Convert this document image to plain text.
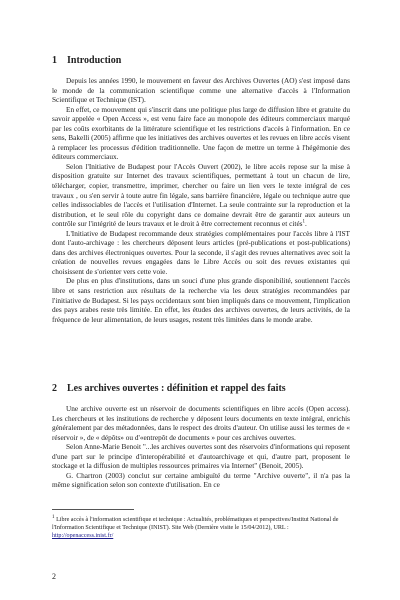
1 Introduction

Depuis les années 1990, le mouvement en faveur des Archives Ouvertes (AO) s'est imposé dans le monde de la communication scientifique comme une alternative d'accès à l'Information Scientifique et Technique (IST).

En effet, ce mouvement qui s'inscrit dans une politique plus large de diffusion libre et gratuite du savoir appelée « Open Access », est venu faire face au monopole des éditeurs commerciaux marqué par les coûts exorbitants de la littérature scientifique et les restrictions d'accès à l'information. En ce sens, Bakelli (2005) affirme que les initiatives des archives ouvertes et les revues en libre accès visent à remplacer les processus d'édition traditionnelle. Une façon de mettre un terme à l'hégémonie des éditeurs commerciaux.

Selon l'Initiative de Budapest pour l'Accès Ouvert (2002), le libre accès repose sur la mise à disposition gratuite sur Internet des travaux scientifiques, permettant à tout un chacun de lire, télécharger, copier, transmettre, imprimer, chercher ou faire un lien vers le texte intégral de ces travaux , ou s'en servir à toute autre fin légale, sans barrière financière, légale ou technique autre que celles indissociables de l'accès et l'utilisation d'Internet. La seule contrainte sur la reproduction et la distribution, et le seul rôle du copyright dans ce domaine devrait être de garantir aux auteurs un contrôle sur l'intégrité de leurs travaux et le droit à être correctement reconnus et cités$^1$.

L'Initiative de Budapest recommande deux stratégies complémentaires pour l'accès libre à l'IST dont l'auto-archivage : les chercheurs déposent leurs articles (pré-publications et post-publications) dans des archives électroniques ouvertes. Pour la seconde, il s'agit des revues alternatives avec soit la création de nouvelles revues engagées dans le Libre Accès ou soit des revues existantes qui choisissent de s'orienter vers cette voie.

De plus en plus d'institutions, dans un souci d'une plus grande disponibilité, soutiennent l'accès libre et sans restriction aux résultats de la recherche via les deux stratégies recommandées par l'initiative de Budapest. Si les pays occidentaux sont bien impliqués dans ce mouvement, l'implication des pays arabes reste très limitée. En effet, les études des archives ouvertes, de leurs activités, de la fréquence de leur alimentation, de leurs usages, restent très limitées dans le monde arabe.

2 Les archives ouvertes : définition et rappel des faits

Une archive ouverte est un réservoir de documents scientifiques en libre accès (Open access). Les chercheurs et les institutions de recherche y déposent leurs documents en texte intégral, enrichis généralement par des métadonnées, dans le respect des droits d'auteur. On utilise aussi les termes de « réservoir », de « dépôts» ou d'«entrepôt de documents » pour ces archives ouvertes.

Selon Anne-Marie Benoit "...les archives ouvertes sont des réservoirs d'informations qui reposent d'une part sur le principe d'interopérabilité et d'autoarchivage et qui, d'autre part, proposent le stockage et la diffusion de multiples ressources primaires via Internet" (Benoit, 2005).

G. Chartron (2003) conclut sur certaine ambiguïté du terme "Archive ouverte", il n'a pas la même signification selon son contexte d'utilisation. En ce

$^1$ Libre accès à l'information scientifique et technique : Actualités, problématiques et perspectives/Institut National de l'Information Scientifique et Technique (INIST). Site Web (Dernière visite le 15/04/2012), URL : http://openaccess.inist.fr/

2
